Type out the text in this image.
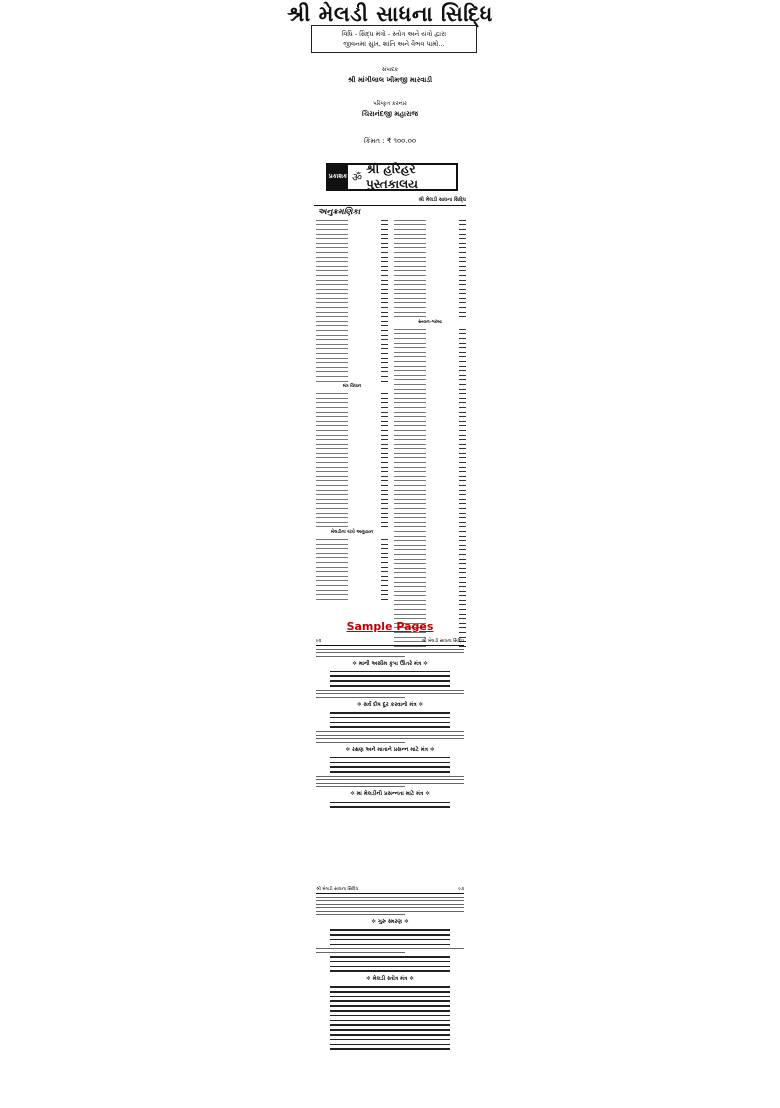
શ્રી મેલડી સાધના સિદ્ધિ
વિધિ - સિદ્ધ મંત્રો - સ્તોત્ર અને યંત્રો દ્વારા
જીવનમાં સુખ, શાંતિ અને વૈભવ પામો...
સંપાદક
શ્રી માંગીલાલ ખીમજી મારવાડી
પરિષ્કૃત કરનાર
ચિરાનંદજી મહારાજ
કિંમત : ₹ ૧૦૦.૦૦
પ્રકાશક ॐ
શ્રી હરિહર પુસ્તકાલય
શ્રી મેલડી સાધના સિદ્ધિ
અનુક્રમણિકા
મંત્ર વિધાન
મેલડીના યંત્રો અનુષ્ઠાન
સ્તવન-ગરબા
Sample Pages
૯૨	શ્રી મેલડી સાધના સિદ્ધિ
✲ માની અસીમ કૃપા ઊતરે મંત્ર ✲
✲ સર્વ દોષ દૂર કરવાનો મંત્ર ✲
✲ રક્ષણ અને માતાને પ્રસન્ન માટે મંત્ર ✲
✲ મા મેલડીની પ્રસન્નતા માટે મંત્ર ✲
શ્રી મેલડી સાધના સિદ્ધિ	૯૩
✲ ગુરુ સ્મરણ ✲
✲ મેલડી સ્તોત્ર મંત્ર ✲
